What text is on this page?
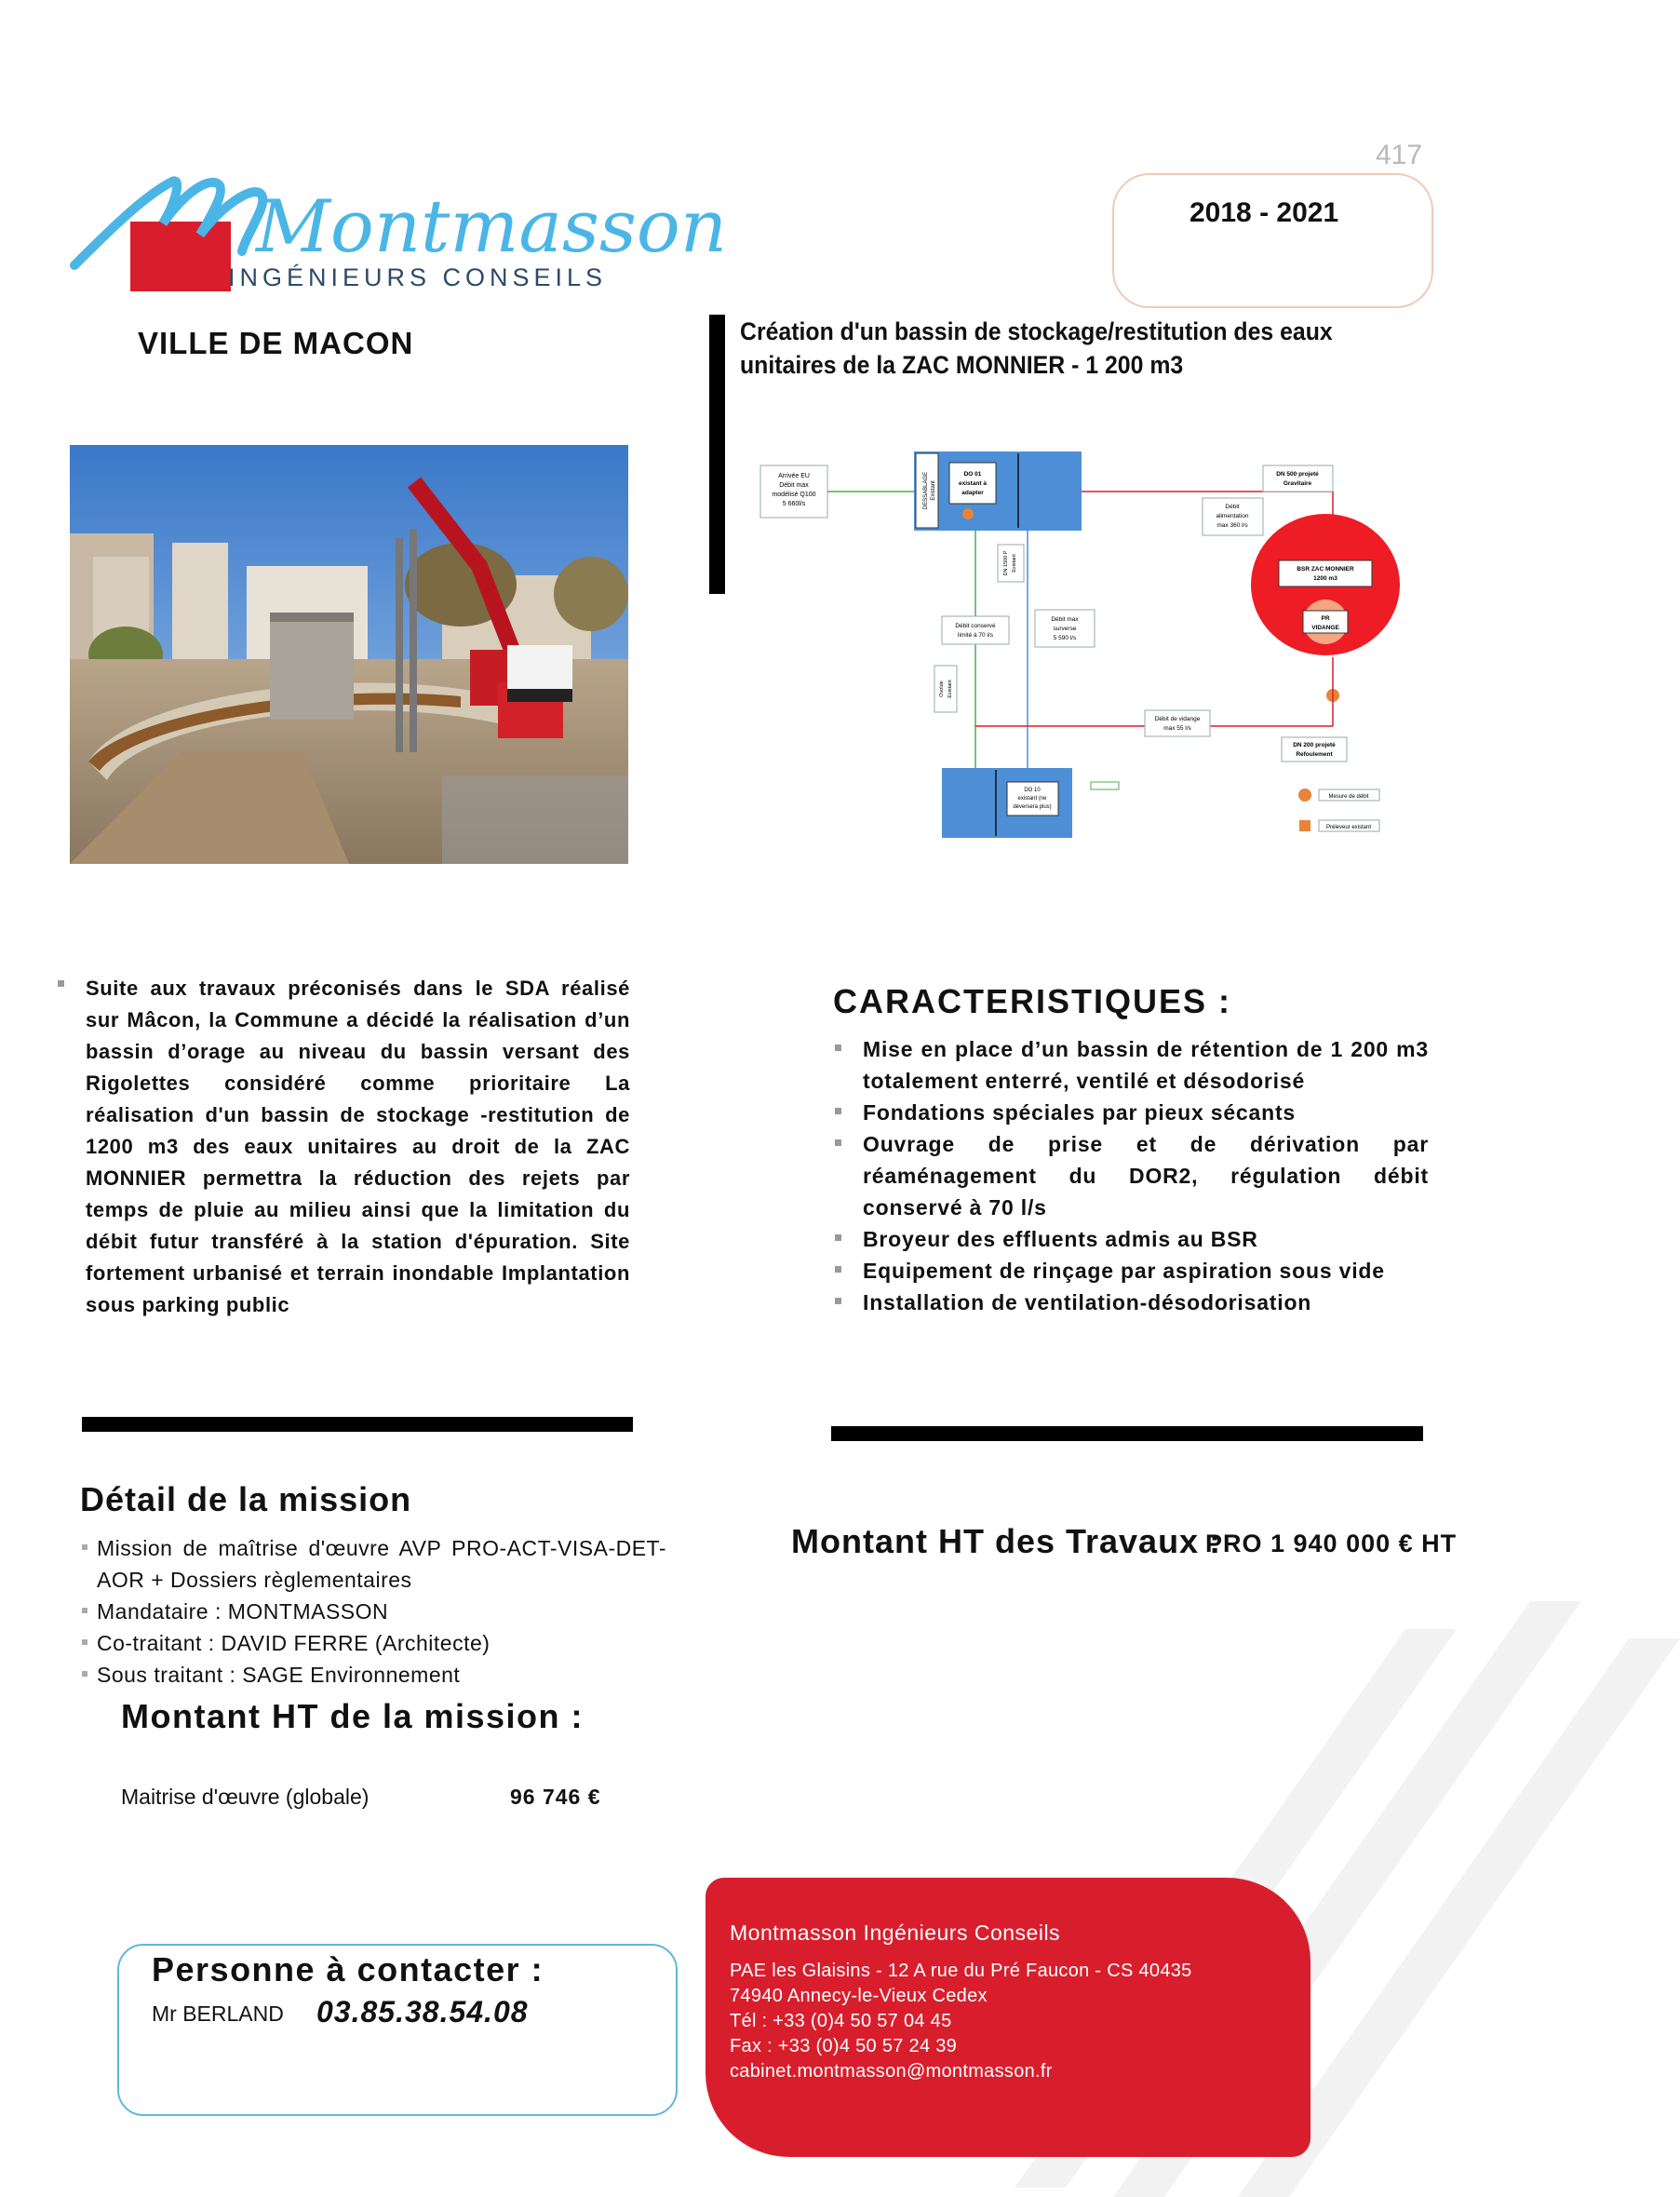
417
Montmasson
INGÉNIEURS CONSEILS
2018 - 2021
VILLE DE MACON	Création d'un bassin de stockage/restitution des eaux
unitaires de la ZAC MONNIER - 1 200 m3
Arrivée EU
Débit max
modélisé Q100
5 660l/s	DESSABLAGE Existant
DO 01
existant à
adapter
DN 500 projeté
Gravitaire
Débit
alimentation
max 360 l/s
DN 1500 P Existant	BSR ZAC MONNIER
1200 m3
PR
VIDANGE
Débit conservé
limité à 70 l/s
Débit max
surverse
5 590 l/s
Ovoïde Existant
Débit de vidange
max 55 l/s
DN 200 projeté
Refoulement
DO 10
existant (ne
déversera plus)
Mesure de débit
Préleveur existant

Suite aux travaux préconisés dans le SDA réalisé sur Mâcon, la Commune a décidé la réalisation d’un bassin d’orage au niveau du bassin versant des Rigolettes considéré comme prioritaire La réalisation d'un bassin de stockage -restitution de 1200 m3 des eaux unitaires au droit de la ZAC MONNIER permettra la réduction des rejets par temps de pluie au milieu ainsi que la limitation du débit futur transféré à la station d'épuration. Site fortement urbanisé et terrain inondable Implantation sous parking public

CARACTERISTIQUES :
Mise en place d’un bassin de rétention de 1 200 m3 totalement enterré, ventilé et désodorisé
Fondations spéciales par pieux sécants
Ouvrage de prise et de dérivation par réaménagement du DOR2, régulation débit conservé à 70 l/s
Broyeur des effluents admis au BSR
Equipement de rinçage par aspiration sous vide
Installation de ventilation-désodorisation
Détail de la mission
Mission de maîtrise d'œuvre AVP PRO-ACT-VISA-DET-AOR + Dossiers règlementaires
Mandataire : MONTMASSON
Co-traitant : DAVID FERRE (Architecte)
Sous traitant : SAGE Environnement
Montant HT des Travaux :
PRO 1 940 000 € HT
Montant HT de la mission :
Maitrise d'œuvre (globale)	96 746 €
Montmasson Ingénieurs Conseils
PAE les Glaisins - 12 A rue du Pré Faucon - CS 40435
74940 Annecy-le-Vieux Cedex
Tél : +33 (0)4 50 57 04 45
Fax : +33 (0)4 50 57 24 39
cabinet.montmasson@montmasson.fr
Personne à contacter :
Mr BERLAND 03.85.38.54.08
